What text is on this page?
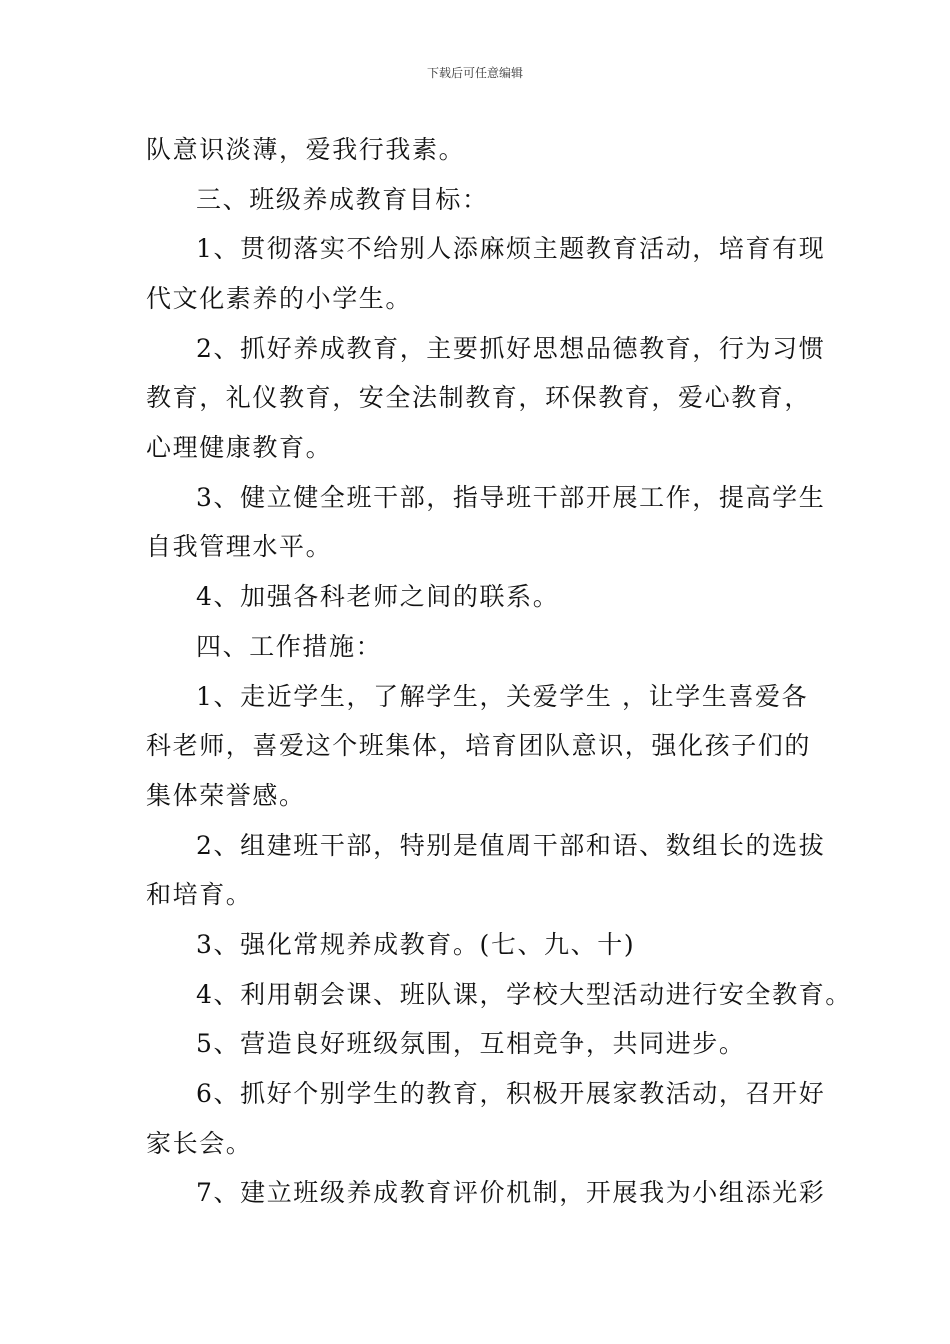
下载后可任意编辑
队意识淡薄，爱我行我素。
三、班级养成教育目标：
1、贯彻落实不给别人添麻烦主题教育活动，培育有现
代文化素养的小学生。
2、抓好养成教育，主要抓好思想品德教育，行为习惯
教育，礼仪教育，安全法制教育，环保教育，爱心教育，
心理健康教育。
3、健立健全班干部，指导班干部开展工作，提高学生
自我管理水平。
4、加强各科老师之间的联系。
四、工作措施：
1、走近学生，了解学生，关爱学生 ，让学生喜爱各
科老师，喜爱这个班集体，培育团队意识，强化孩子们的
集体荣誉感。
2、组建班干部，特别是值周干部和语、数组长的选拔
和培育。
3、强化常规养成教育。(七、九、十)
4、利用朝会课、班队课，学校大型活动进行安全教育。
5、营造良好班级氛围，互相竞争，共同进步。
6、抓好个别学生的教育，积极开展家教活动，召开好
家长会。
7、建立班级养成教育评价机制，开展我为小组添光彩
